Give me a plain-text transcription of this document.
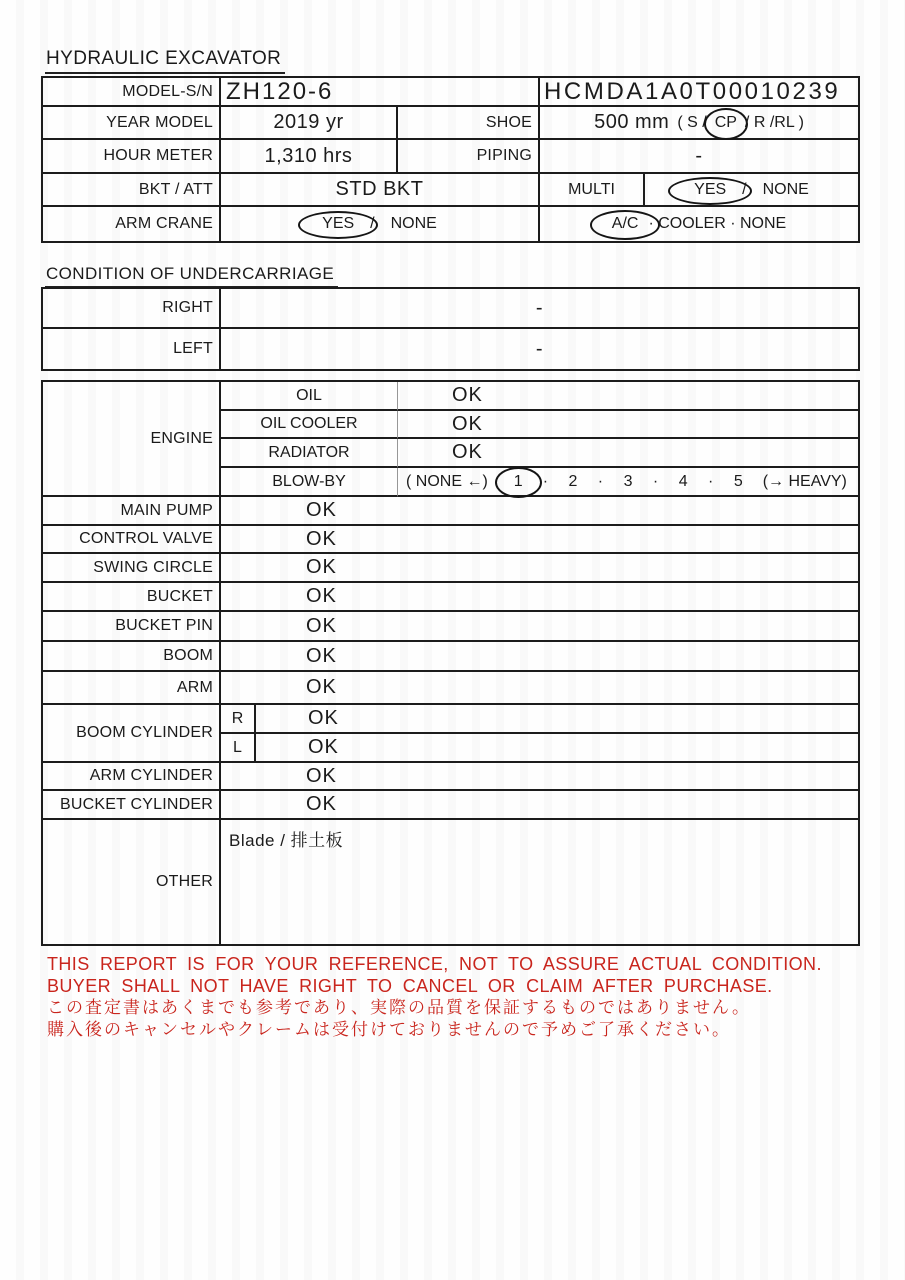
HYDRAULIC EXCAVATOR
MODEL-S/N ZH120-6	HCMDA1A0T00010239
YEAR MODEL	2019 yr	SHOE	500 mm ( S / CP / R /RL )
HOUR METER	1,310 hrs	PIPING	-
BKT / ATT	STD BKT	MULTI	YES / NONE
ARM CRANE	YES / NONE	A/C · COOLER · NONE
CONDITION OF UNDERCARRIAGE
RIGHT	-
LEFT	-
ENGINE
OIL	OK
OIL COOLER	OK
RADIATOR	OK
BLOW-BY	( NONE ←) 1 · 2 · 3 · 4 · 5 (→ HEAVY)
MAIN PUMP	OK
CONTROL VALVE	OK
SWING CIRCLE	OK
BUCKET	OK
BUCKET PIN	OK
BOOM	OK
ARM	OK
BOOM CYLINDER
R	OK
L	OK
ARM CYLINDER	OK
BUCKET CYLINDER	OK
OTHER
Blade / 排土板
THIS REPORT IS FOR YOUR REFERENCE, NOT TO ASSURE ACTUAL CONDITION.
BUYER SHALL NOT HAVE RIGHT TO CANCEL OR CLAIM AFTER PURCHASE.
この査定書はあくまでも参考であり、実際の品質を保証するものではありません。
購入後のキャンセルやクレームは受付けておりませんので予めご了承ください。
